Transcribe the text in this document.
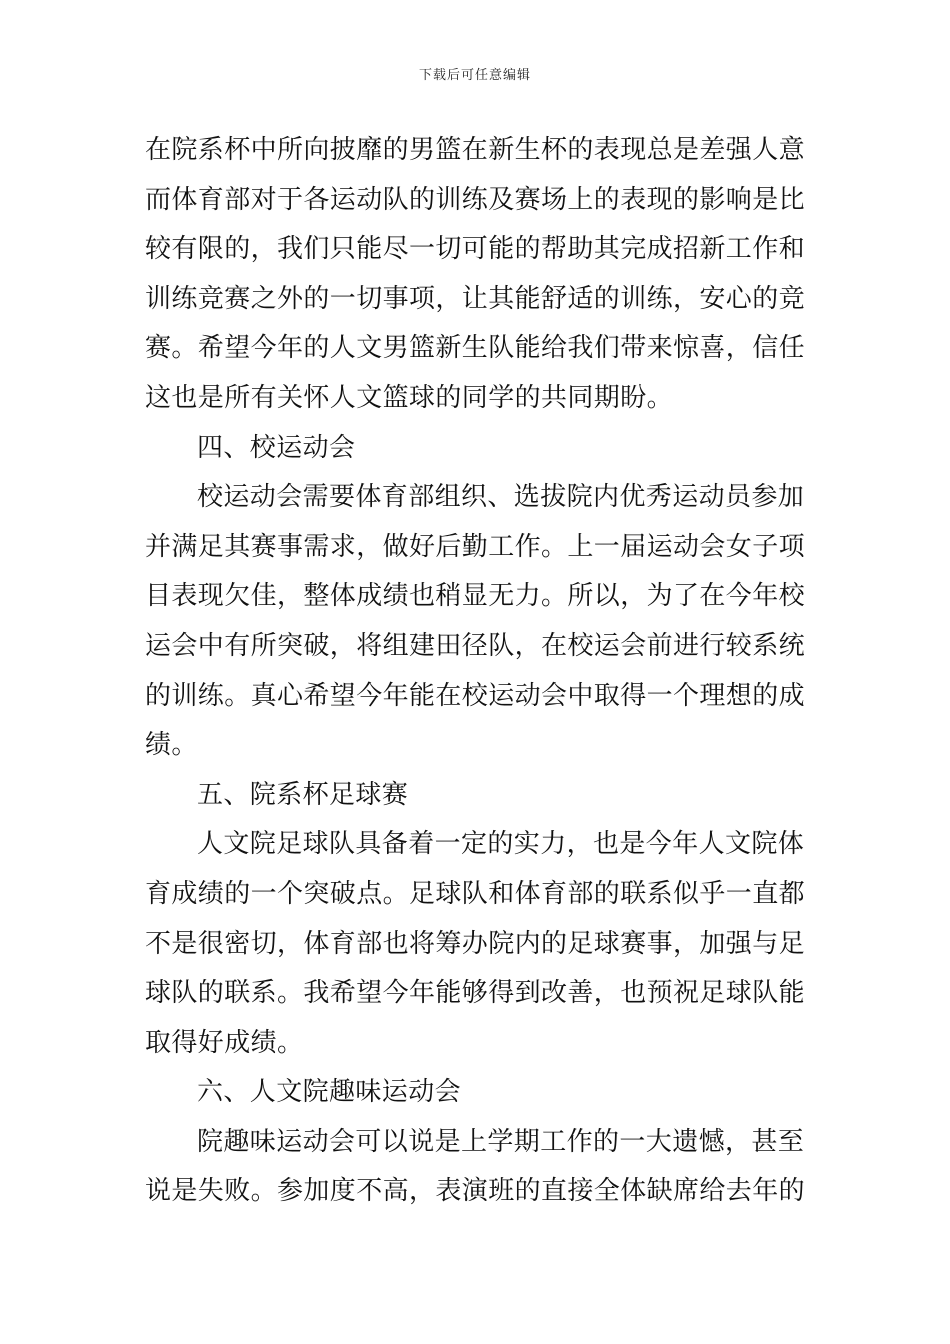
下载后可任意编辑
在院系杯中所向披靡的男篮在新生杯的表现总是差强人意
而体育部对于各运动队的训练及赛场上的表现的影响是比
较有限的，我们只能尽一切可能的帮助其完成招新工作和
训练竞赛之外的一切事项，让其能舒适的训练，安心的竞
赛。希望今年的人文男篮新生队能给我们带来惊喜，信任
这也是所有关怀人文篮球的同学的共同期盼。
四、校运动会
校运动会需要体育部组织、选拔院内优秀运动员参加
并满足其赛事需求，做好后勤工作。上一届运动会女子项
目表现欠佳，整体成绩也稍显无力。所以，为了在今年校
运会中有所突破，将组建田径队，在校运会前进行较系统
的训练。真心希望今年能在校运动会中取得一个理想的成
绩。
五、院系杯足球赛
人文院足球队具备着一定的实力，也是今年人文院体
育成绩的一个突破点。足球队和体育部的联系似乎一直都
不是很密切，体育部也将筹办院内的足球赛事，加强与足
球队的联系。我希望今年能够得到改善，也预祝足球队能
取得好成绩。
六、人文院趣味运动会
院趣味运动会可以说是上学期工作的一大遗憾，甚至
说是失败。参加度不高，表演班的直接全体缺席给去年的
